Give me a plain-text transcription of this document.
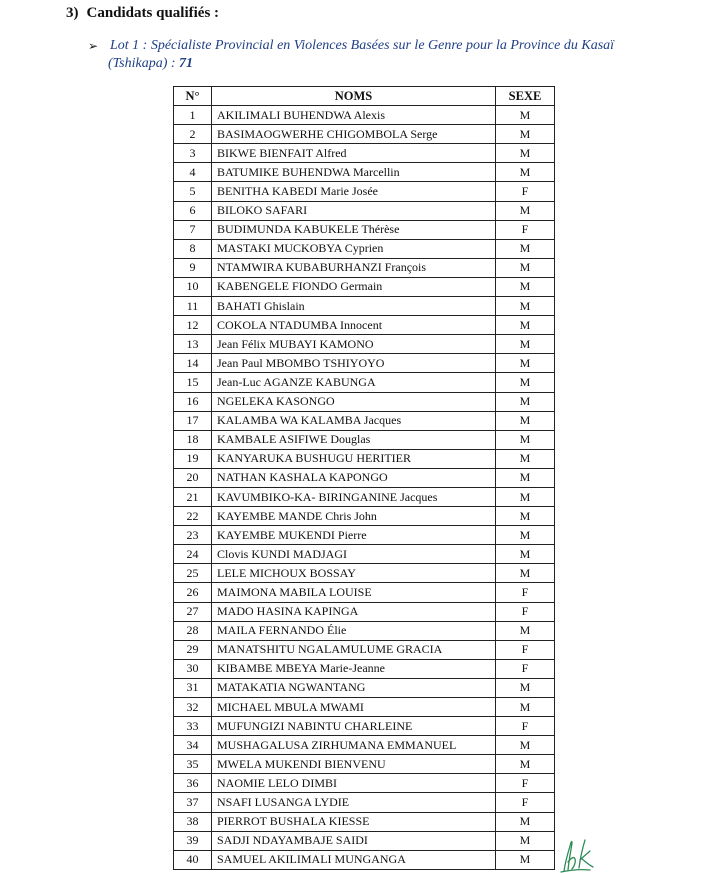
3) Candidats qualifiés :
➢ Lot 1 : Spécialiste Provincial en Violences Basées sur le Genre pour la Province du Kasaï
(Tshikapa) : 71
N°	NOMS	SEXE
1	AKILIMALI BUHENDWA Alexis	M
2	BASIMAOGWERHE CHIGOMBOLA Serge	M
3	BIKWE BIENFAIT Alfred	M
4	BATUMIKE BUHENDWA Marcellin	M
5	BENITHA KABEDI Marie Josée	F
6	BILOKO SAFARI	M
7	BUDIMUNDA KABUKELE Thérèse	F
8	MASTAKI MUCKOBYA Cyprien	M
9	NTAMWIRA KUBABURHANZI François	M
10	KABENGELE FIONDO Germain	M
11	BAHATI Ghislain	M
12	COKOLA NTADUMBA Innocent	M
13	Jean Félix MUBAYI KAMONO	M
14	Jean Paul MBOMBO TSHIYOYO	M
15	Jean-Luc AGANZE KABUNGA	M
16	NGELEKA KASONGO	M
17	KALAMBA WA KALAMBA Jacques	M
18	KAMBALE ASIFIWE Douglas	M
19	KANYARUKA BUSHUGU HERITIER	M
20	NATHAN KASHALA KAPONGO	M
21	KAVUMBIKO-KA- BIRINGANINE Jacques	M
22	KAYEMBE MANDE Chris John	M
23	KAYEMBE MUKENDI Pierre	M
24	Clovis KUNDI MADJAGI	M
25	LELE MICHOUX BOSSAY	M
26	MAIMONA MABILA LOUISE	F
27	MADO HASINA KAPINGA	F
28	MAILA FERNANDO Élie	M
29	MANATSHITU NGALAMULUME GRACIA	F
30	KIBAMBE MBEYA Marie-Jeanne	F
31	MATAKATIA NGWANTANG	M
32	MICHAEL MBULA MWAMI	M
33	MUFUNGIZI NABINTU CHARLEINE	F
34	MUSHAGALUSA ZIRHUMANA EMMANUEL	M
35	MWELA MUKENDI BIENVENU	M
36	NAOMIE LELO DIMBI	F
37	NSAFI LUSANGA LYDIE	F
38	PIERROT BUSHALA KIESSE	M
39	SADJI NDAYAMBAJE SAIDI	M
40	SAMUEL AKILIMALI MUNGANGA	M
